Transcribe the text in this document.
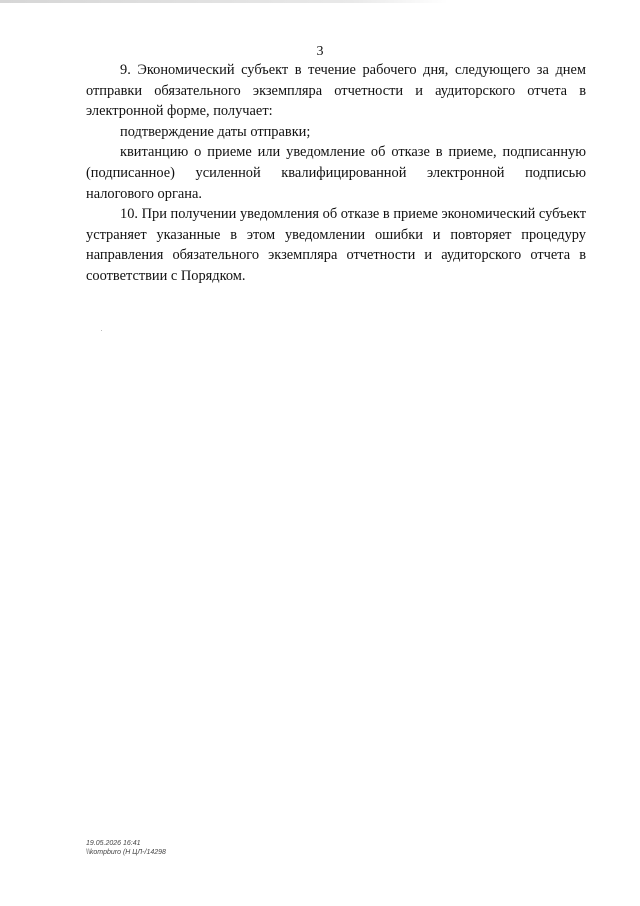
3

9. Экономический субъект в течение рабочего дня, следующего за днем отправки обязательного экземпляра отчетности и аудиторского отчета в электронной форме, получает:

подтверждение даты отправки;

квитанцию о приеме или уведомление об отказе в приеме, подписанную (подписанное) усиленной квалифицированной электронной подписью налогового органа.

10. При получении уведомления об отказе в приеме экономический субъект устраняет указанные в этом уведомлении ошибки и повторяет процедуру направления обязательного экземпляра отчетности и аудиторского отчета в соответствии с Порядком.

19.05.2026 16:41
\\kompburo (Н ЦЛ-/14298
